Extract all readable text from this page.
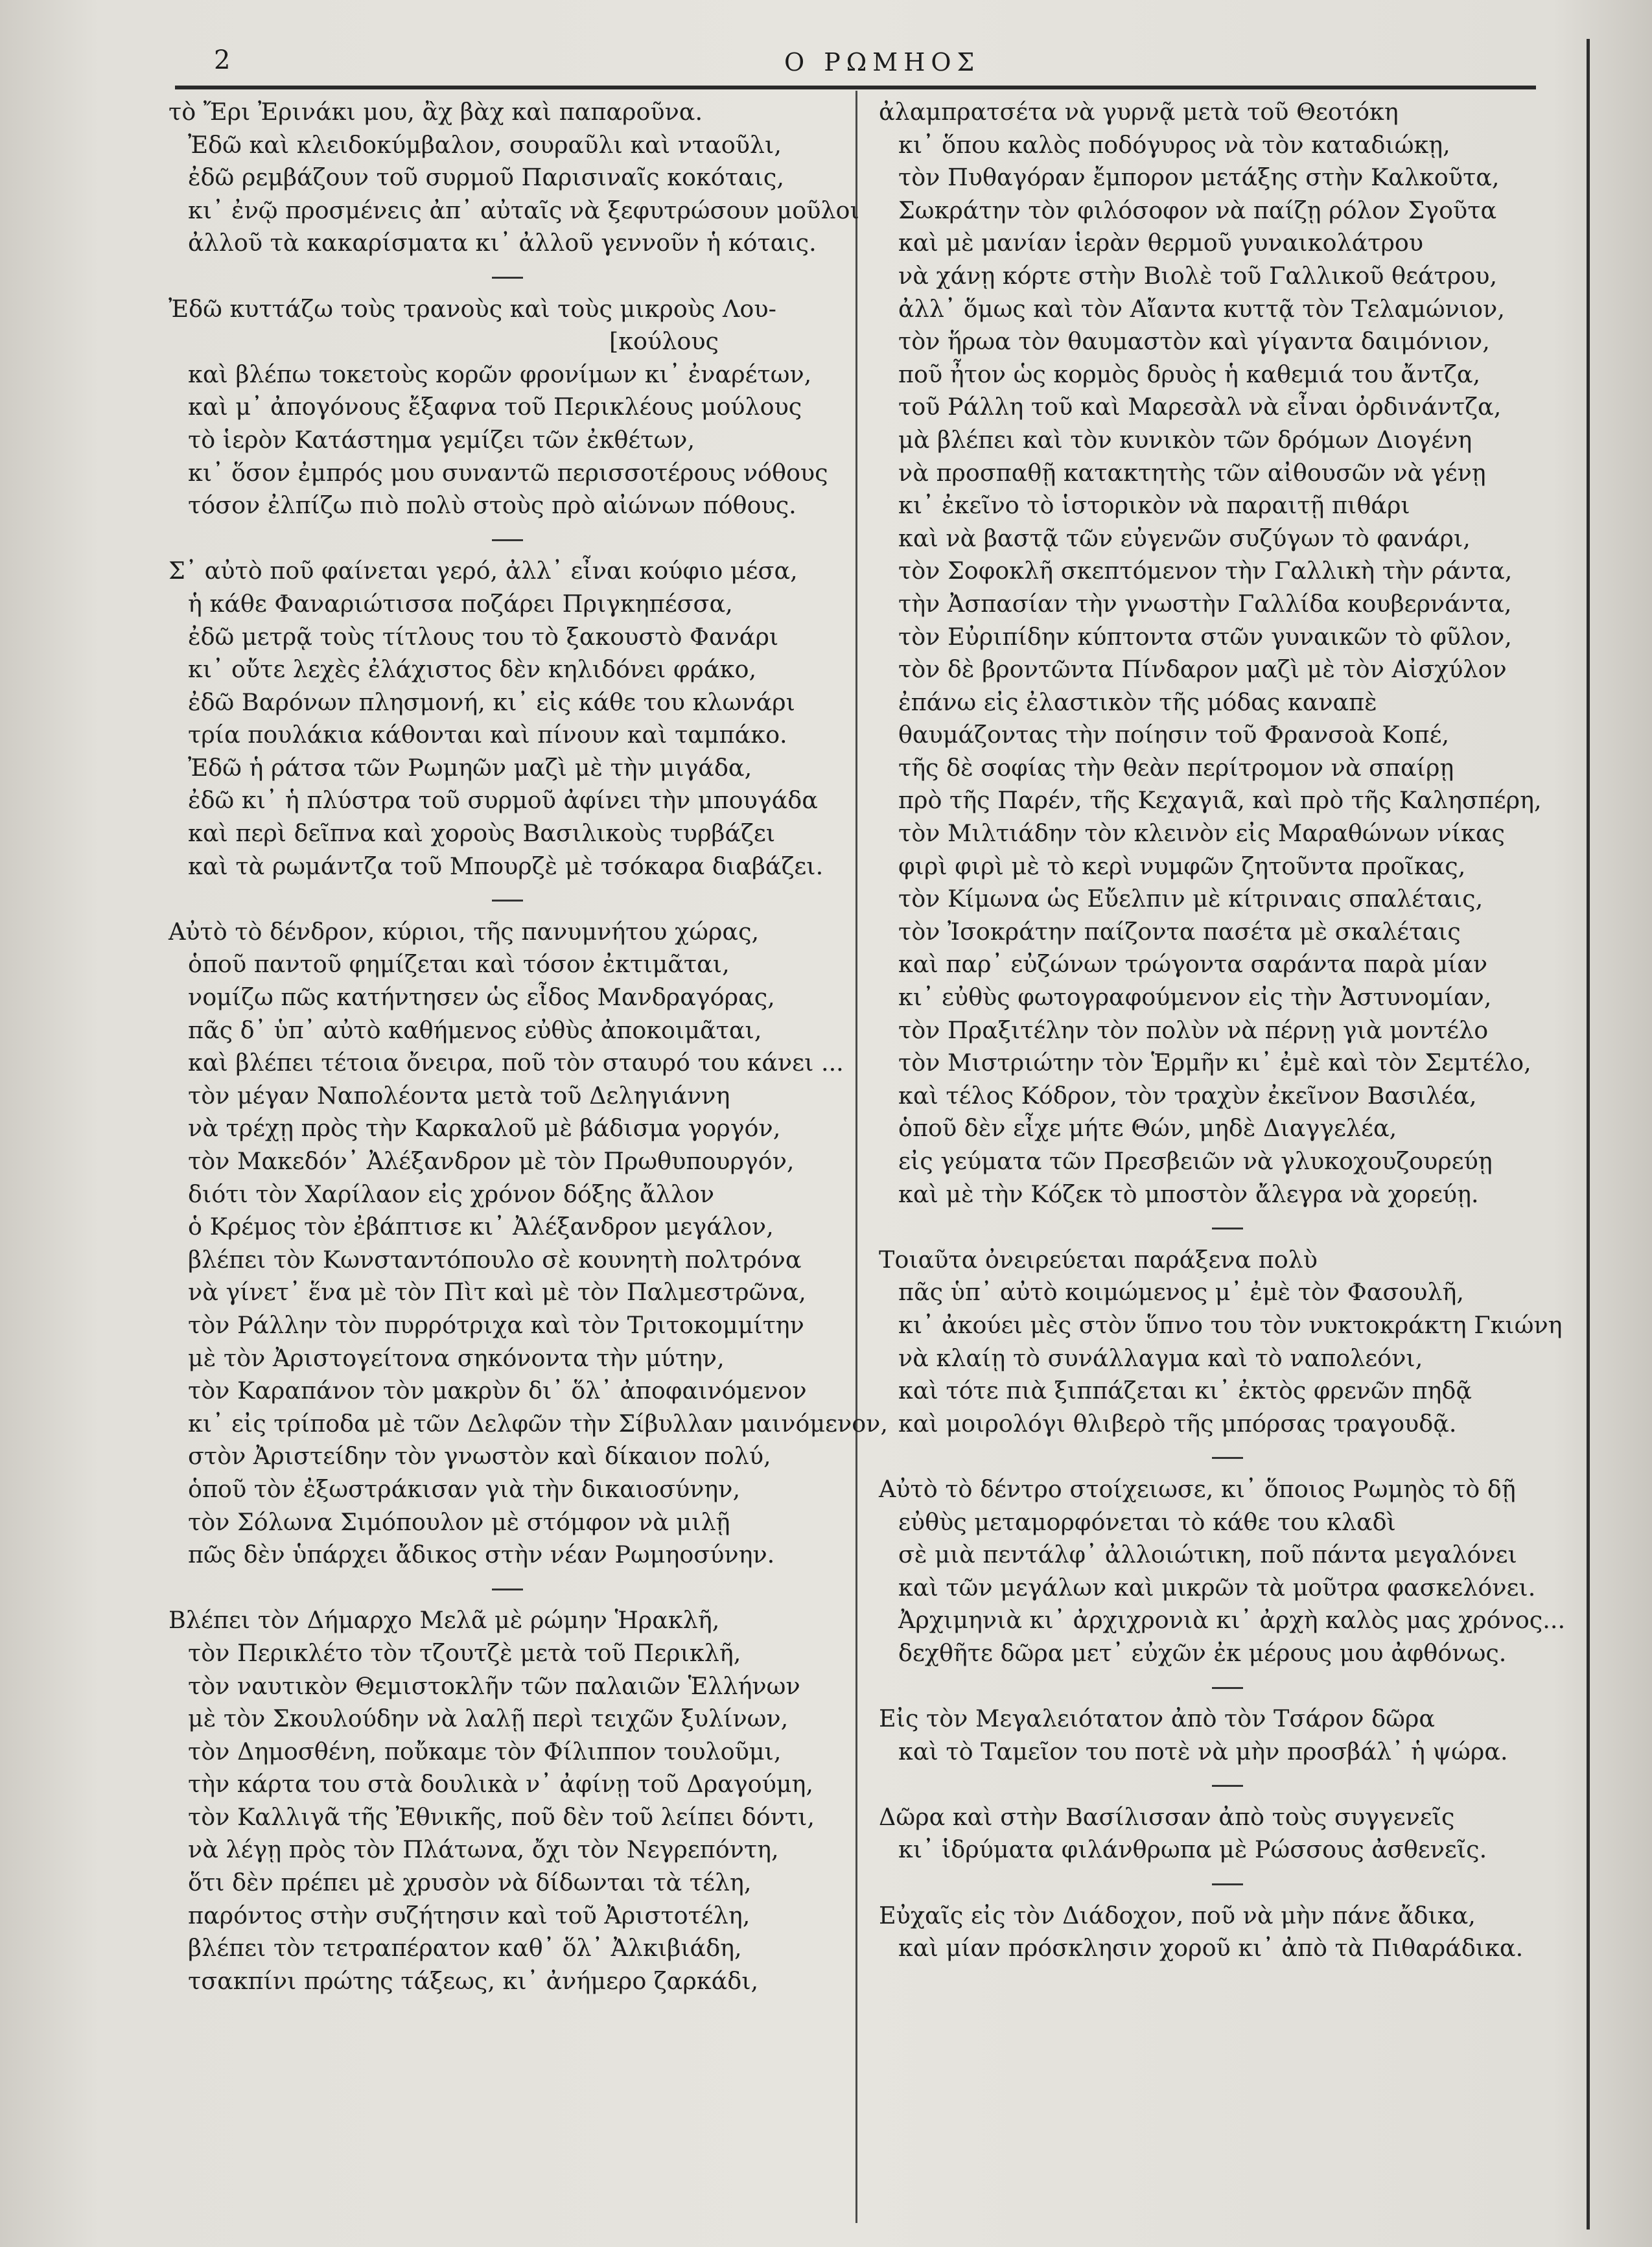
2	Ο ΡΩΜΗΟΣ
τὸ Ἔρι Ἐρινάκι μου, ἂχ βὰχ καὶ παπαροῦνα.
Ἐδῶ καὶ κλειδοκύμβαλον, σουραῦλι καὶ νταοῦλι,
ἐδῶ ρεμβάζουν τοῦ συρμοῦ Παρισιναῖς κοκόταις,
κι᾿ ἐνῷ προσμένεις ἀπ᾿ αὐταῖς νὰ ξεφυτρώσουν μοῦλοι
ἀλλοῦ τὰ κακαρίσματα κι᾿ ἀλλοῦ γεννοῦν ἡ κόταις.
Ἐδῶ κυττάζω τοὺς τρανοὺς καὶ τοὺς μικροὺς Λου-
[κούλους
καὶ βλέπω τοκετοὺς κορῶν φρονίμων κι᾿ ἐναρέτων,
καὶ μ᾿ ἀπογόνους ἔξαφνα τοῦ Περικλέους μούλους
τὸ ἱερὸν Κατάστημα γεμίζει τῶν ἐκθέτων,
κι᾿ ὅσον ἐμπρός μου συναντῶ περισσοτέρους νόθους
τόσον ἐλπίζω πιὸ πολὺ στοὺς πρὸ αἰώνων πόθους.
Σ᾿ αὐτὸ ποῦ φαίνεται γερό, ἀλλ᾿ εἶναι κούφιο μέσα,
ἡ κάθε Φαναριώτισσα ποζάρει Πριγκηπέσσα,
ἐδῶ μετρᾷ τοὺς τίτλους του τὸ ξακουστὸ Φανάρι
κι᾿ οὔτε λεχὲς ἐλάχιστος δὲν κηλιδόνει φράκο,
ἐδῶ Βαρόνων πλησμονή, κι᾿ εἰς κάθε του κλωνάρι
τρία πουλάκια κάθονται καὶ πίνουν καὶ ταμπάκο.
Ἐδῶ ἡ ράτσα τῶν Ρωμηῶν μαζὶ μὲ τὴν μιγάδα,
ἐδῶ κι᾿ ἡ πλύστρα τοῦ συρμοῦ ἀφίνει τὴν μπουγάδα
καὶ περὶ δεῖπνα καὶ χοροὺς Βασιλικοὺς τυρβάζει
καὶ τὰ ρωμάντζα τοῦ Μπουρζὲ μὲ τσόκαρα διαβάζει.
Αὐτὸ τὸ δένδρον, κύριοι, τῆς πανυμνήτου χώρας,
ὁποῦ παντοῦ φημίζεται καὶ τόσον ἐκτιμᾶται,
νομίζω πῶς κατήντησεν ὡς εἶδος Μανδραγόρας,
πᾶς δ᾿ ὑπ᾿ αὐτὸ καθήμενος εὐθὺς ἀποκοιμᾶται,
καὶ βλέπει τέτοια ὄνειρα, ποῦ τὸν σταυρό του κάνει ...
τὸν μέγαν Ναπολέοντα μετὰ τοῦ Δεληγιάννη
νὰ τρέχῃ πρὸς τὴν Καρκαλοῦ μὲ βάδισμα γοργόν,
τὸν Μακεδόν᾿ Ἀλέξανδρον μὲ τὸν Πρωθυπουργόν,
διότι τὸν Χαρίλαον εἰς χρόνον δόξης ἄλλον
ὁ Κρέμος τὸν ἐβάπτισε κι᾿ Ἀλέξανδρον μεγάλον,
βλέπει τὸν Κωνσταντόπουλο σὲ κουνητὴ πολτρόνα
νὰ γίνετ᾿ ἕνα μὲ τὸν Πὶτ καὶ μὲ τὸν Παλμεστρῶνα,
τὸν Ράλλην τὸν πυρρότριχα καὶ τὸν Τριτοκομμίτην
μὲ τὸν Ἀριστογείτονα σηκόνοντα τὴν μύτην,
τὸν Καραπάνον τὸν μακρὺν δι᾿ ὅλ᾿ ἀποφαινόμενον
κι᾿ εἰς τρίποδα μὲ τῶν Δελφῶν τὴν Σίβυλλαν μαινόμενον,
στὸν Ἀριστείδην τὸν γνωστὸν καὶ δίκαιον πολύ,
ὁποῦ τὸν ἐξωστράκισαν γιὰ τὴν δικαιοσύνην,
τὸν Σόλωνα Σιμόπουλον μὲ στόμφον νὰ μιλῇ
πῶς δὲν ὑπάρχει ἄδικος στὴν νέαν Ρωμηοσύνην.
Βλέπει τὸν Δήμαρχο Μελᾶ μὲ ρώμην Ἡρακλῆ,
τὸν Περικλέτο τὸν τζουτζὲ μετὰ τοῦ Περικλῆ,
τὸν ναυτικὸν Θεμιστοκλῆν τῶν παλαιῶν Ἑλλήνων
μὲ τὸν Σκουλούδην νὰ λαλῇ περὶ τειχῶν ξυλίνων,
τὸν Δημοσθένη, ποὔκαμε τὸν Φίλιππον τουλοῦμι,
τὴν κάρτα του στὰ δουλικὰ ν᾿ ἀφίνῃ τοῦ Δραγούμη,
τὸν Καλλιγᾶ τῆς Ἐθνικῆς, ποῦ δὲν τοῦ λείπει δόντι,
νὰ λέγῃ πρὸς τὸν Πλάτωνα, ὄχι τὸν Νεγρεπόντη,
ὅτι δὲν πρέπει μὲ χρυσὸν νὰ δίδωνται τὰ τέλη,
παρόντος στὴν συζήτησιν καὶ τοῦ Ἀριστοτέλη,
βλέπει τὸν τετραπέρατον καθ᾿ ὅλ᾿ Ἀλκιβιάδη,
τσακπίνι πρώτης τάξεως, κι᾿ ἀνήμερο ζαρκάδι,
ἀλαμπρατσέτα νὰ γυρνᾷ μετὰ τοῦ Θεοτόκη
κι᾿ ὅπου καλὸς ποδόγυρος νὰ τὸν καταδιώκῃ,
τὸν Πυθαγόραν ἔμπορον μετάξης στὴν Καλκοῦτα,
Σωκράτην τὸν φιλόσοφον νὰ παίζῃ ρόλον Σγοῦτα
καὶ μὲ μανίαν ἱερὰν θερμοῦ γυναικολάτρου
νὰ χάνῃ κόρτε στὴν Βιολὲ τοῦ Γαλλικοῦ θεάτρου,
ἀλλ᾿ ὅμως καὶ τὸν Αἴαντα κυττᾷ τὸν Τελαμώνιον,
τὸν ἥρωα τὸν θαυμαστὸν καὶ γίγαντα δαιμόνιον,
ποῦ ἦτον ὡς κορμὸς δρυὸς ἡ καθεμιά του ἄντζα,
τοῦ Ράλλη τοῦ καὶ Μαρεσὰλ νὰ εἶναι ὀρδινάντζα,
μὰ βλέπει καὶ τὸν κυνικὸν τῶν δρόμων Διογένη
νὰ προσπαθῇ κατακτητὴς τῶν αἰθουσῶν νὰ γένῃ
κι᾿ ἐκεῖνο τὸ ἱστορικὸν νὰ παραιτῇ πιθάρι
καὶ νὰ βαστᾷ τῶν εὐγενῶν συζύγων τὸ φανάρι,
τὸν Σοφοκλῆ σκεπτόμενον τὴν Γαλλικὴ τὴν ράντα,
τὴν Ἀσπασίαν τὴν γνωστὴν Γαλλίδα κουβερνάντα,
τὸν Εὐριπίδην κύπτοντα στῶν γυναικῶν τὸ φῦλον,
τὸν δὲ βροντῶντα Πίνδαρον μαζὶ μὲ τὸν Αἰσχύλον
ἐπάνω εἰς ἐλαστικὸν τῆς μόδας καναπὲ
θαυμάζοντας τὴν ποίησιν τοῦ Φρανσοὰ Κοπέ,
τῆς δὲ σοφίας τὴν θεὰν περίτρομον νὰ σπαίρῃ
πρὸ τῆς Παρέν, τῆς Κεχαγιᾶ, καὶ πρὸ τῆς Καλησπέρη,
τὸν Μιλτιάδην τὸν κλεινὸν εἰς Μαραθώνων νίκας
φιρὶ φιρὶ μὲ τὸ κερὶ νυμφῶν ζητοῦντα προῖκας,
τὸν Κίμωνα ὡς Εὔελπιν μὲ κίτριναις σπαλέταις,
τὸν Ἰσοκράτην παίζοντα πασέτα μὲ σκαλέταις
καὶ παρ᾿ εὐζώνων τρώγοντα σαράντα παρὰ μίαν
κι᾿ εὐθὺς φωτογραφούμενον εἰς τὴν Ἀστυνομίαν,
τὸν Πραξιτέλην τὸν πολὺν νὰ πέρνῃ γιὰ μοντέλο
τὸν Μιστριώτην τὸν Ἑρμῆν κι᾿ ἐμὲ καὶ τὸν Σεμτέλο,
καὶ τέλος Κόδρον, τὸν τραχὺν ἐκεῖνον Βασιλέα,
ὁποῦ δὲν εἶχε μήτε Θών, μηδὲ Διαγγελέα,
εἰς γεύματα τῶν Πρεσβειῶν νὰ γλυκοχουζουρεύῃ
καὶ μὲ τὴν Κόζεκ τὸ μποστὸν ἄλεγρα νὰ χορεύῃ.
Τοιαῦτα ὀνειρεύεται παράξενα πολὺ
πᾶς ὑπ᾿ αὐτὸ κοιμώμενος μ᾿ ἐμὲ τὸν Φασουλῆ,
κι᾿ ἀκούει μὲς στὸν ὕπνο του τὸν νυκτοκράκτη Γκιώνη
νὰ κλαίῃ τὸ συνάλλαγμα καὶ τὸ ναπολεόνι,
καὶ τότε πιὰ ξιππάζεται κι᾿ ἐκτὸς φρενῶν πηδᾷ
καὶ μοιρολόγι θλιβερὸ τῆς μπόρσας τραγουδᾷ.
Αὐτὸ τὸ δέντρο στοίχειωσε, κι᾿ ὅποιος Ρωμηὸς τὸ δῇ
εὐθὺς μεταμορφόνεται τὸ κάθε του κλαδὶ
σὲ μιὰ πεντάλφ᾿ ἀλλοιώτικη, ποῦ πάντα μεγαλόνει
καὶ τῶν μεγάλων καὶ μικρῶν τὰ μοῦτρα φασκελόνει.
Ἀρχιμηνιὰ κι᾿ ἀρχιχρονιὰ κι᾿ ἀρχὴ καλὸς μας χρόνος...
δεχθῆτε δῶρα μετ᾿ εὐχῶν ἐκ μέρους μου ἀφθόνως.
Εἰς τὸν Μεγαλειότατον ἀπὸ τὸν Τσάρον δῶρα
καὶ τὸ Ταμεῖον του ποτὲ νὰ μὴν προσβάλ᾿ ἡ ψώρα.
Δῶρα καὶ στὴν Βασίλισσαν ἀπὸ τοὺς συγγενεῖς
κι᾿ ἱδρύματα φιλάνθρωπα μὲ Ρώσσους ἀσθενεῖς.
Εὐχαῖς εἰς τὸν Διάδοχον, ποῦ νὰ μὴν πάνε ἄδικα,
καὶ μίαν πρόσκλησιν χοροῦ κι᾿ ἀπὸ τὰ Πιθαράδικα.
